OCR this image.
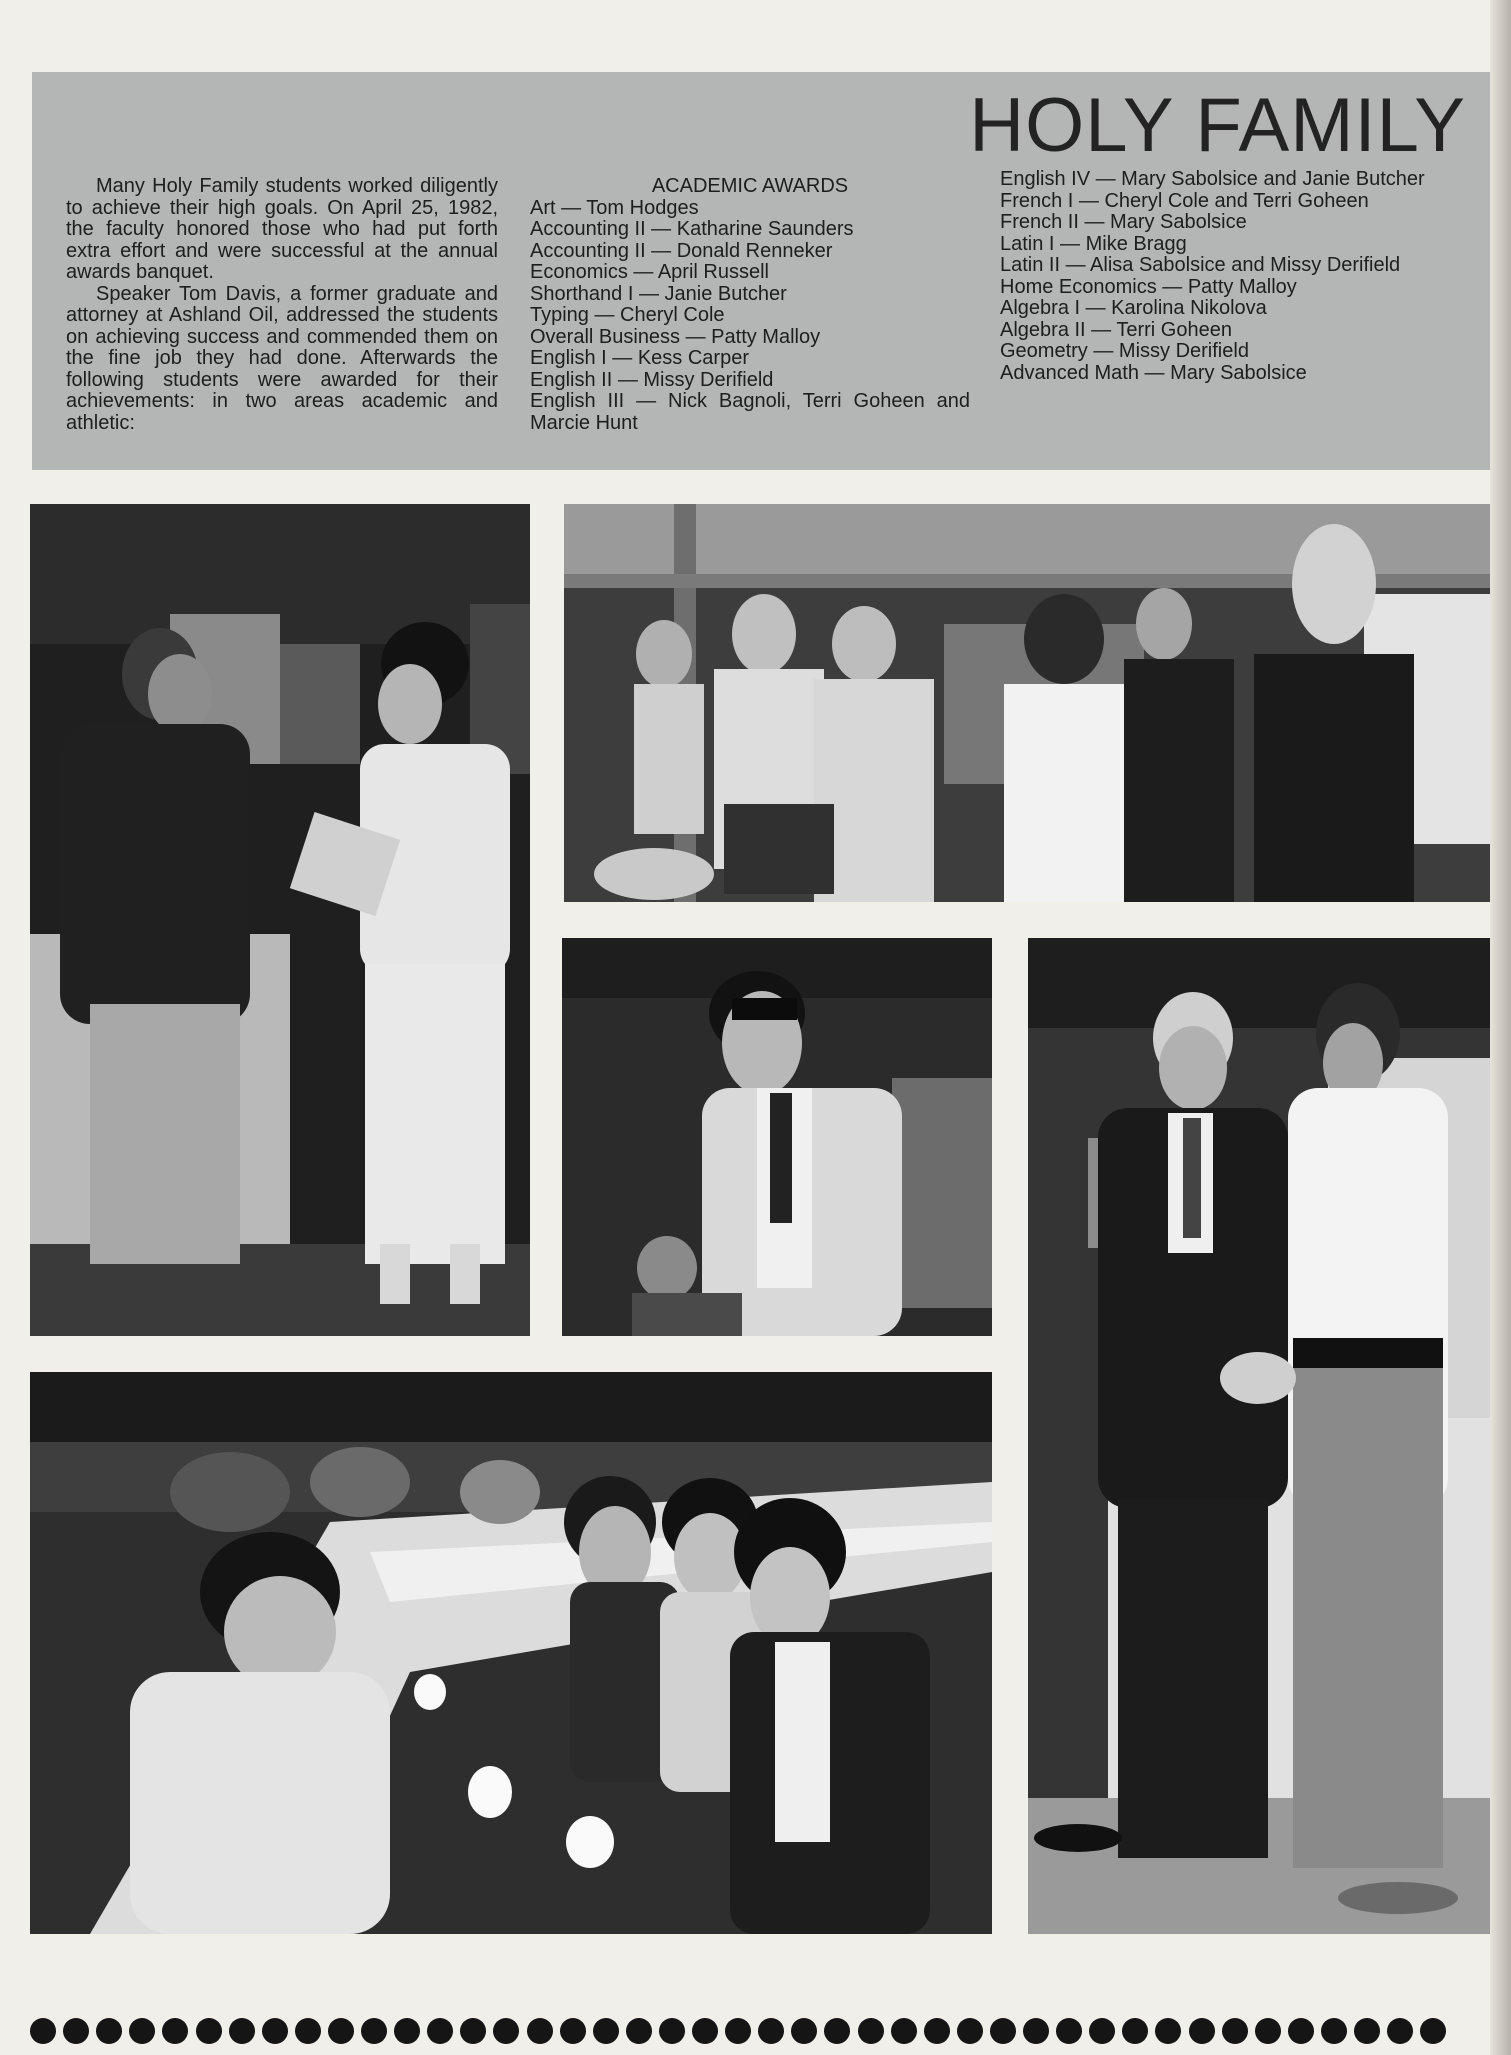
HOLY FAMILY

Many Holy Family students worked diligently to achieve their high goals. On April 25, 1982, the faculty honored those who had put forth extra effort and were successful at the annual awards banquet.

Speaker Tom Davis, a former graduate and attorney at Ashland Oil, addressed the students on achieving success and commended them on the fine job they had done. Afterwards the following students were awarded for their achievements: in two areas academic and athletic:

ACADEMIC AWARDS
Art — Tom Hodges
Accounting II — Katharine Saunders
Accounting II — Donald Renneker
Economics — April Russell
Shorthand I — Janie Butcher
Typing — Cheryl Cole
Overall Business — Patty Malloy
English I — Kess Carper
English II — Missy Derifield
English III — Nick Bagnoli, Terri Goheen and Marcie Hunt
English IV — Mary Sabolsice and Janie Butcher
French I — Cheryl Cole and Terri Goheen
French II — Mary Sabolsice
Latin I — Mike Bragg
Latin II — Alisa Sabolsice and Missy Derifield
Home Economics — Patty Malloy
Algebra I — Karolina Nikolova
Algebra II — Terri Goheen
Geometry — Missy Derifield
Advanced Math — Mary Sabolsice
